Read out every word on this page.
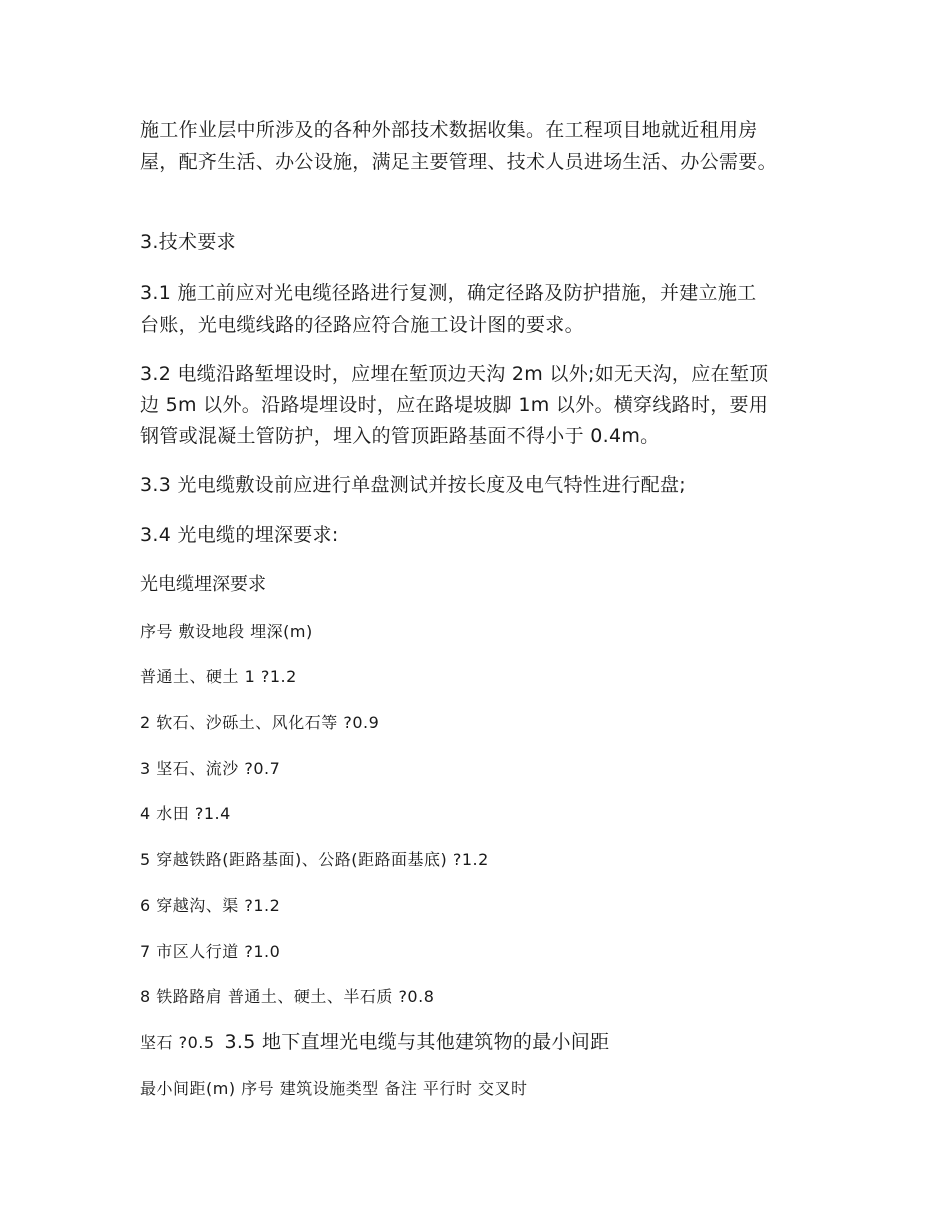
施工作业层中所涉及的各种外部技术数据收集。在工程项目地就近租用房

屋，配齐生活、办公设施，满足主要管理、技术人员进场生活、办公需要。

3.技术要求

3.1 施工前应对光电缆径路进行复测，确定径路及防护措施，并建立施工

台账，光电缆线路的径路应符合施工设计图的要求。

3.2 电缆沿路堑埋设时，应埋在堑顶边天沟 2m 以外;如无天沟，应在堑顶

边 5m 以外。沿路堤埋设时，应在路堤坡脚 1m 以外。横穿线路时，要用

钢管或混凝土管防护，埋入的管顶距路基面不得小于 0.4m。

3.3 光电缆敷设前应进行单盘测试并按长度及电气特性进行配盘;

3.4 光电缆的埋深要求:

光电缆埋深要求

序号 敷设地段 埋深(m)

普通土、硬土 1 ?1.2

2 软石、沙砾土、风化石等 ?0.9

3 坚石、流沙 ?0.7

4 水田 ?1.4

5 穿越铁路(距路基面)、公路(距路面基底) ?1.2

6 穿越沟、渠 ?1.2

7 市区人行道 ?1.0

8 铁路路肩 普通土、硬土、半石质 ?0.8

坚石 ?0.5 3.5 地下直埋光电缆与其他建筑物的最小间距

最小间距(m) 序号 建筑设施类型 备注 平行时 交叉时
